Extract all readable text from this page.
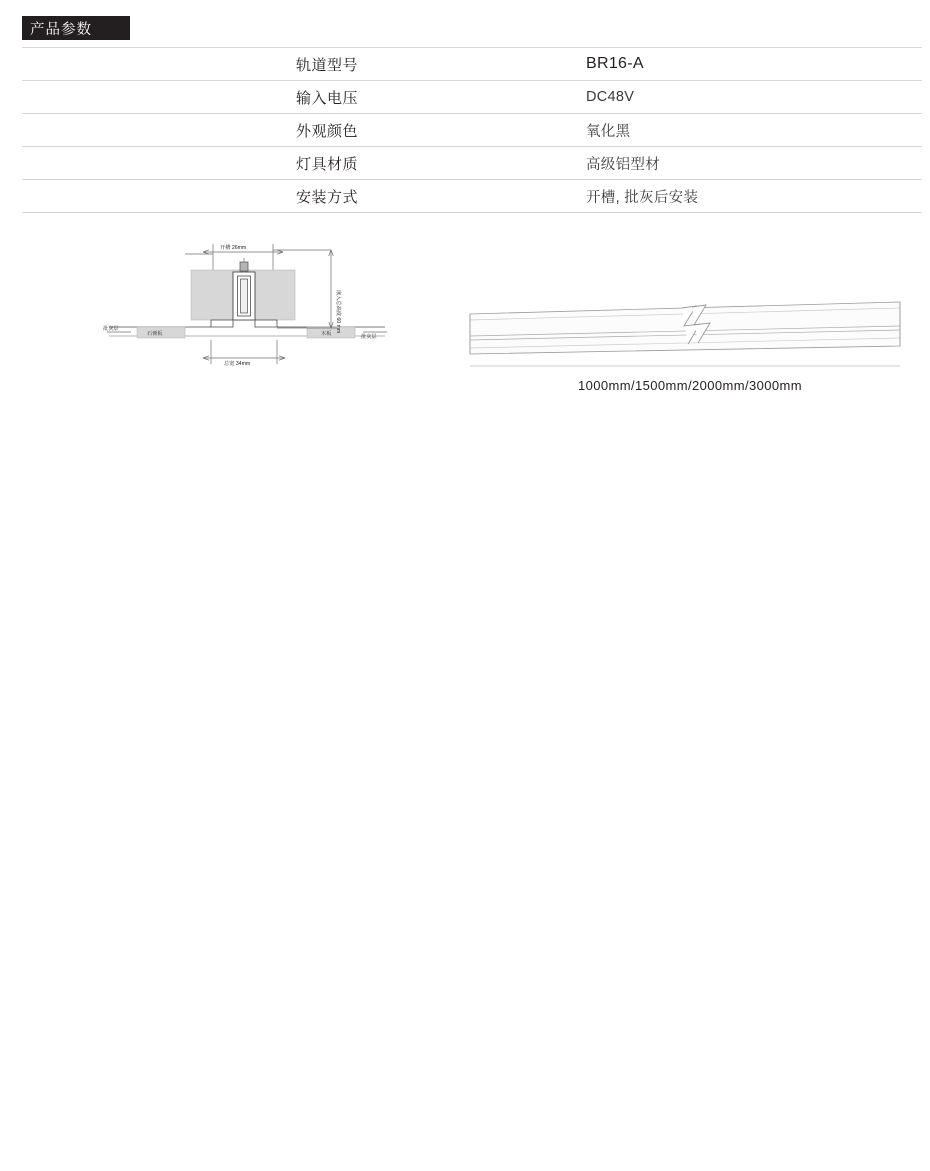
产品参数

	轨道型号	BR16-A

	输入电压	DC48V

	外观颜色	氧化黑

	灯具材质	高级铝型材

	安装方式	开槽, 批灰后安装
开槽 26mm
嵌入总高度 60 mm
总宽 34mm
批灰层
石膏板	木板	批灰层
1000mm/1500mm/2000mm/3000mm
